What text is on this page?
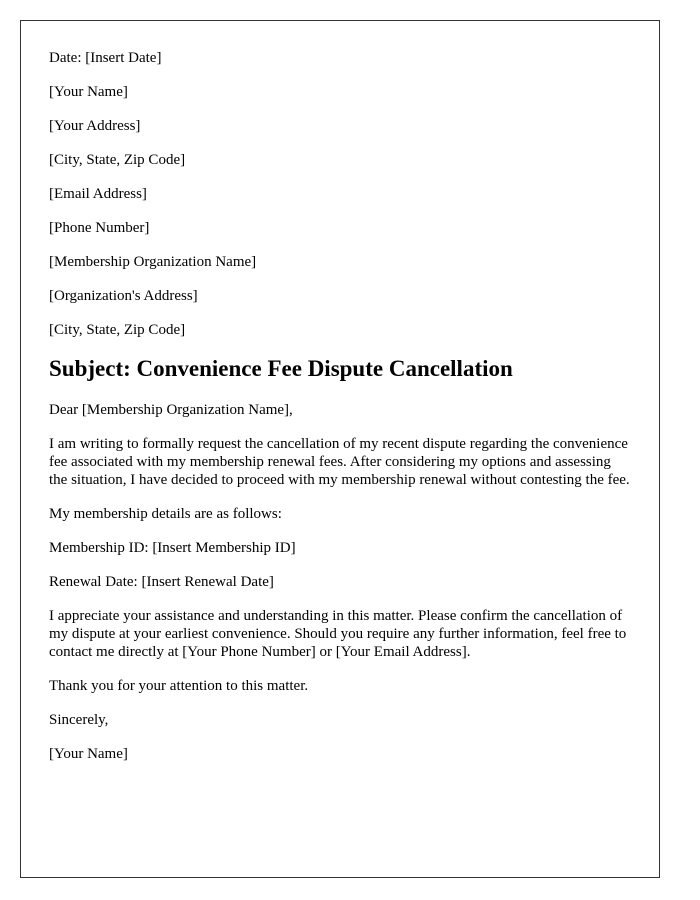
Date: [Insert Date]

[Your Name]

[Your Address]

[City, State, Zip Code]

[Email Address]

[Phone Number]

[Membership Organization Name]

[Organization's Address]

[City, State, Zip Code]

Subject: Convenience Fee Dispute Cancellation

Dear [Membership Organization Name],

I am writing to formally request the cancellation of my recent dispute regarding the convenience fee associated with my membership renewal fees. After considering my options and assessing the situation, I have decided to proceed with my membership renewal without contesting the fee.

My membership details are as follows:

Membership ID: [Insert Membership ID]

Renewal Date: [Insert Renewal Date]

I appreciate your assistance and understanding in this matter. Please confirm the cancellation of my dispute at your earliest convenience. Should you require any further information, feel free to contact me directly at [Your Phone Number] or [Your Email Address].

Thank you for your attention to this matter.

Sincerely,

[Your Name]
